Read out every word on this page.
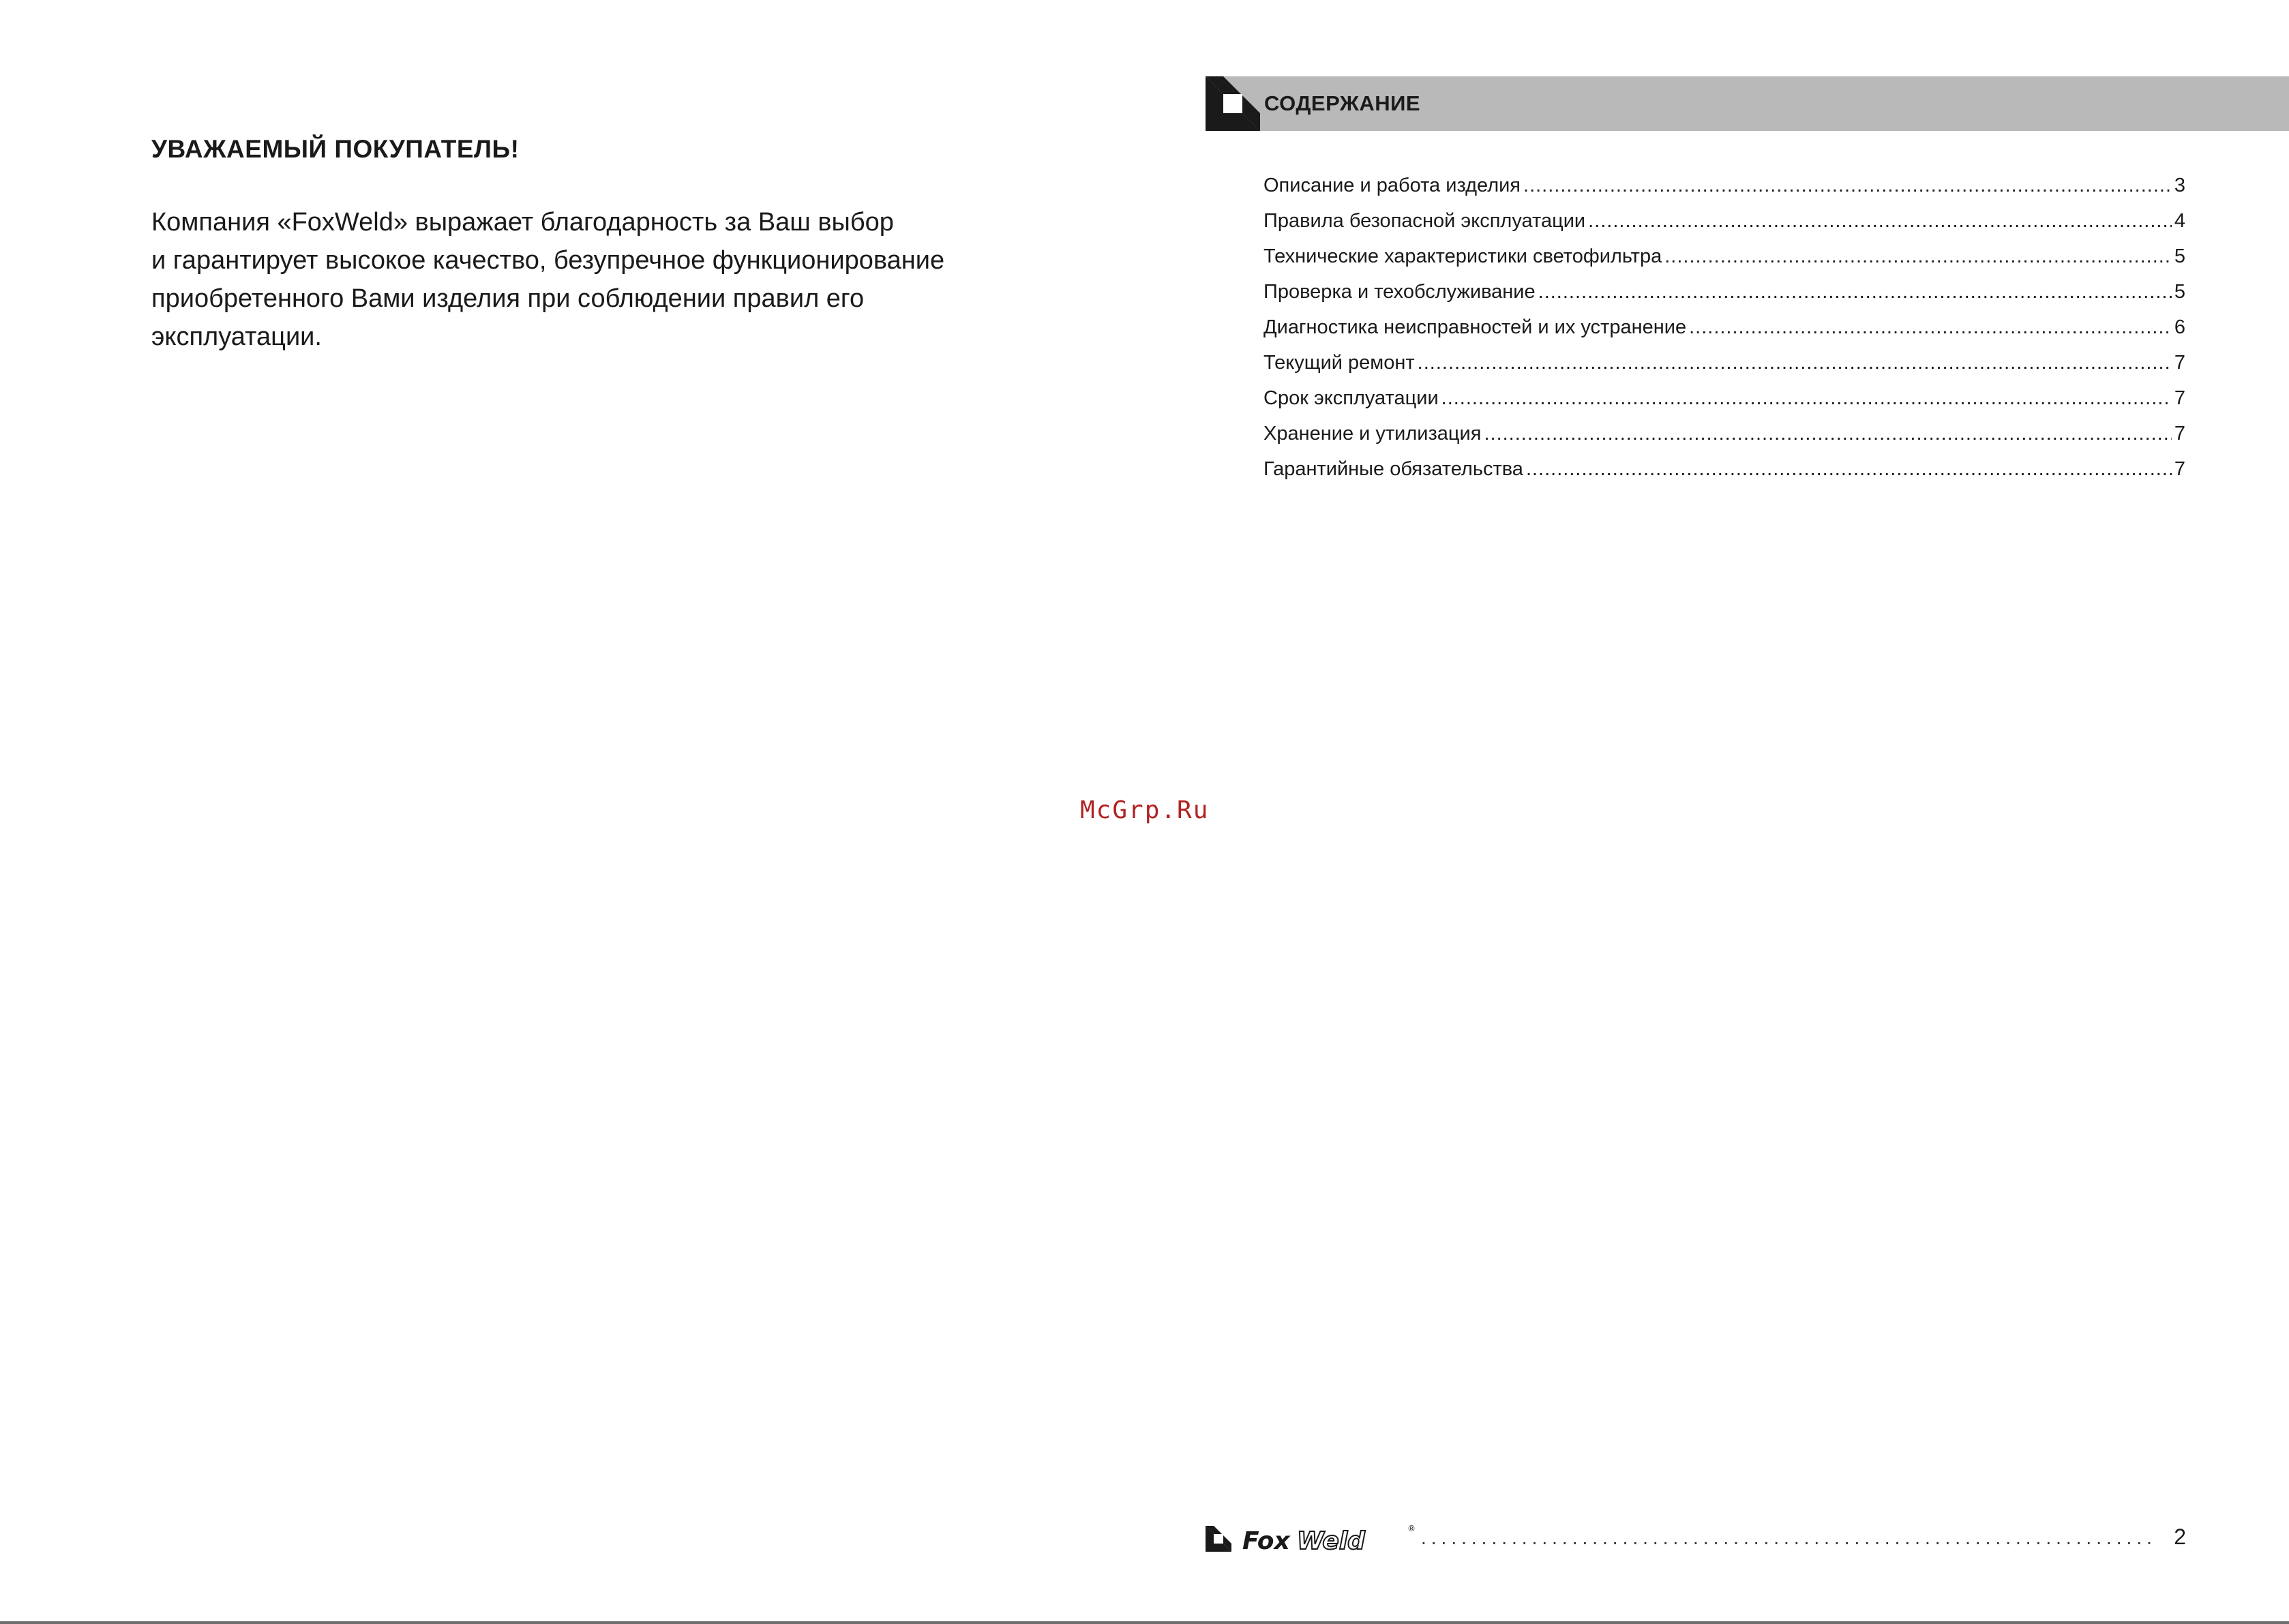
УВАЖАЕМЫЙ ПОКУПАТЕЛЬ!
Компания «FoxWeld» выражает благодарность за Ваш выбор
и гарантирует высокое качество, безупречное функционирование
приобретенного Вами изделия при соблюдении правил его
эксплуатации.
СОДЕРЖАНИЕ
Описание и работа изделия .....	3
Правила безопасной эксплуатации .....	4
Технические характеристики светофильтра .....	5
Проверка и техобслуживание .....	5
Диагностика неисправностей и их устранение .....	6
Текущий ремонт .....	7
Срок эксплуатации .....	7
Хранение и утилизация .....	7
Гарантийные обязательства .....	7
McGrp.Ru
Fox Weld	® .....	2
